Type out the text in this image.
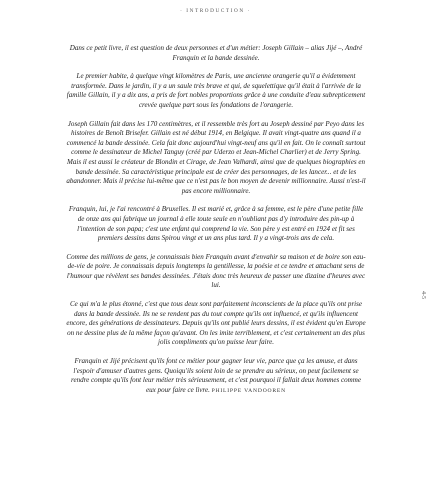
· INTRODUCTION ·

Dans ce petit livre, il est question de deux personnes et d'un métier: Joseph Gillain – alias Jijé –, André Franquin et la bande dessinée.

Le premier habite, à quelque vingt kilomètres de Paris, une ancienne orangerie qu'il a évidemment transformée. Dans le jardin, il y a un saule très brave et qui, de squelettique qu'il était à l'arrivée de la famille Gillain, il y a dix ans, a pris de fort nobles proportions grâce à une conduite d'eau subrepticement crevée quelque part sous les fondations de l'orangerie.

Joseph Gillain fait dans les 170 centimètres, et il ressemble très fort au Joseph dessiné par Peyo dans les histoires de Benoît Brisefer. Gillain est né début 1914, en Belgique. Il avait vingt-quatre ans quand il a commencé la bande dessinée. Cela fait donc aujourd'hui vingt-neuf ans qu'il en fait. On le connaît surtout comme le dessinateur de Michel Tanguy (créé par Uderzo et Jean-Michel Charlier) et de Jerry Spring. Mais il est aussi le créateur de Blondin et Cirage, de Jean Valhardi, ainsi que de quelques biographies en bande dessinée. Sa caractéristique principale est de créer des personnages, de les lancer... et de les abandonner. Mais il précise lui-même que ce n'est pas le bon moyen de devenir millionnaire. Aussi n'est-il pas encore millionnaire.

Franquin, lui, je l'ai rencontré à Bruxelles. Il est marié et, grâce à sa femme, est le père d'une petite fille de onze ans qui fabrique un journal à elle toute seule en n'oubliant pas d'y introduire des pin-up à l'intention de son papa; c'est une enfant qui comprend la vie. Son père y est entré en 1924 et fit ses premiers dessins dans Spirou vingt et un ans plus tard. Il y a vingt-trois ans de cela.

Comme des millions de gens, je connaissais bien Franquin avant d'envahir sa maison et de boire son eau-de-vie de poire. Je connaissais depuis longtemps la gentillesse, la poésie et ce tendre et attachant sens de l'humour que révèlent ses bandes dessinées. J'étais donc très heureux de passer une dizaine d'heures avec lui.

Ce qui m'a le plus étonné, c'est que tous deux sont parfaitement inconscients de la place qu'ils ont prise dans la bande dessinée. Ils ne se rendent pas du tout compte qu'ils ont influencé, et qu'ils influencent encore, des générations de dessinateurs. Depuis qu'ils ont publié leurs dessins, il est évident qu'en Europe on ne dessine plus de la même façon qu'avant. On les imite terriblement, et c'est certainement un des plus jolis compliments qu'on puisse leur faire.

Franquin et Jijé précisent qu'ils font ce métier pour gagner leur vie, parce que ça les amuse, et dans l'espoir d'amuser d'autres gens. Quoiqu'ils soient loin de se prendre au sérieux, on peut facilement se rendre compte qu'ils font leur métier très sérieusement, et c'est pourquoi il fallait deux hommes comme eux pour faire ce livre. PHILIPPE VANDOOREN

4-5
